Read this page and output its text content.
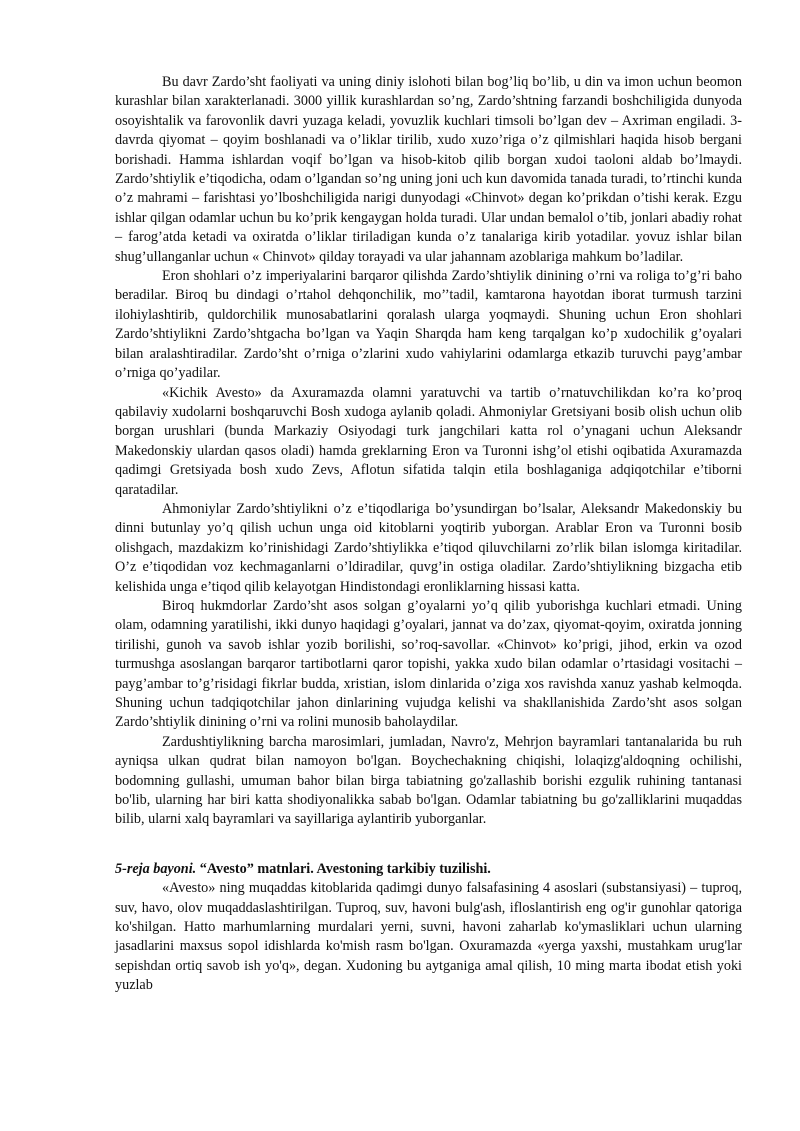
Bu davr Zardo’sht faoliyati va uning diniy islohoti bilan bog’liq bo’lib, u din va imon uchun beomon kurashlar bilan xarakterlanadi. 3000 yillik kurashlardan so’ng, Zardo’shtning farzandi boshchiligida dunyoda osoyishtalik va farovonlik davri yuzaga keladi, yovuzlik kuchlari timsoli bo’lgan dev – Axriman engiladi. 3- davrda qiyomat – qoyim boshlanadi va o’liklar tirilib, xudo xuzo’riga o’z qilmishlari haqida hisob bergani borishadi. Hamma ishlardan voqif bo’lgan va hisob-kitob qilib borgan xudoi taoloni aldab bo’lmaydi. Zardo’shtiylik e’tiqodicha, odam o’lgandan so’ng uning joni uch kun davomida tanada turadi, to’rtinchi kunda o’z mahrami – farishtasi yo’lboshchiligida narigi dunyodagi «Chinvot» degan ko’prikdan o’tishi kerak. Ezgu ishlar qilgan odamlar uchun bu ko’prik kengaygan holda turadi. Ular undan bemalol o’tib, jonlari abadiy rohat – farog’atda ketadi va oxiratda o’liklar tiriladigan kunda o’z tanalariga kirib yotadilar. yovuz ishlar bilan shug’ullanganlar uchun « Chinvot» qilday torayadi va ular jahannam azoblariga mahkum bo’ladilar.

Eron shohlari o’z imperiyalarini barqaror qilishda Zardo’shtiylik dinining o’rni va roliga to’g’ri baho beradilar. Biroq bu dindagi o’rtahol dehqonchilik, mo’’tadil, kamtarona hayotdan iborat turmush tarzini ilohiylashtirib, quldorchilik munosabatlarini qoralash ularga yoqmaydi. Shuning uchun Eron shohlari Zardo’shtiylikni Zardo’shtgacha bo’lgan va Yaqin Sharqda ham keng tarqalgan ko’p xudochilik g’oyalari bilan aralashtiradilar. Zardo’sht o’rniga o’zlarini xudo vahiylarini odamlarga etkazib turuvchi payg’ambar o’rniga qo’yadilar.

«Kichik Avesto» da Axuramazda olamni yaratuvchi va tartib o’rnatuvchilikdan ko’ra ko’proq qabilaviy xudolarni boshqaruvchi Bosh xudoga aylanib qoladi. Ahmoniylar Gretsiyani bosib olish uchun olib borgan urushlari (bunda Markaziy Osiyodagi turk jangchilari katta rol o’ynagani uchun Aleksandr Makedonskiy ulardan qasos oladi) hamda greklarning Eron va Turonni ishg’ol etishi oqibatida Axuramazda qadimgi Gretsiyada bosh xudo Zevs, Aflotun sifatida talqin etila boshlaganiga adqiqotchilar e’tiborni qaratadilar.

Ahmoniylar Zardo’shtiylikni o’z e’tiqodlariga bo’ysundirgan bo’lsalar, Aleksandr Makedonskiy bu dinni butunlay yo’q qilish uchun unga oid kitoblarni yoqtirib yuborgan. Arablar Eron va Turonni bosib olishgach, mazdakizm ko’rinishidagi Zardo’shtiylikka e’tiqod qiluvchilarni zo’rlik bilan islomga kiritadilar. O’z e’tiqodidan voz kechmaganlarni o’ldiradilar, quvg’in ostiga oladilar. Zardo’shtiylikning bizgacha etib kelishida unga e’tiqod qilib kelayotgan Hindistondagi eronliklarning hissasi katta.

Biroq hukmdorlar Zardo’sht asos solgan g’oyalarni yo’q qilib yuborishga kuchlari etmadi. Uning olam, odamning yaratilishi, ikki dunyo haqidagi g’oyalari, jannat va do’zax, qiyomat-qoyim, oxiratda jonning tirilishi, gunoh va savob ishlar yozib borilishi, so’roq-savollar. «Chinvot» ko’prigi, jihod, erkin va ozod turmushga asoslangan barqaror tartibotlarni qaror topishi, yakka xudo bilan odamlar o’rtasidagi vositachi – payg’ambar to’g’risidagi fikrlar budda, xristian, islom dinlarida o’ziga xos ravishda xanuz yashab kelmoqda. Shuning uchun tadqiqotchilar jahon dinlarining vujudga kelishi va shakllanishida Zardo’sht asos solgan Zardo’shtiylik dinining o’rni va rolini munosib baholaydilar.

Zardushtiylikning barcha marosimlari, jumladan, Navro'z, Mehrjon bayramlari tantanalarida bu ruh ayniqsa ulkan qudrat bilan namoyon bo'lgan. Boychechakning chiqishi, lolaqizg'aldoqning ochilishi, bodomning gullashi, umuman bahor bilan birga tabiatning go'zallashib borishi ezgulik ruhining tantanasi bo'lib, ularning har biri katta shodiyonalikka sabab bo'lgan. Odamlar tabiatning bu go'zalliklarini muqaddas bilib, ularni xalq bayramlari va sayillariga aylantirib yuborganlar.

5-reja bayoni. “Avesto” matnlari. Avestoning tarkibiy tuzilishi.

«Avesto» ning muqaddas kitoblarida qadimgi dunyo falsafasining 4 asoslari (substansiyasi) – tuproq, suv, havo, olov muqaddaslashtirilgan. Tuproq, suv, havoni bulg'ash, ifloslantirish eng og'ir gunohlar qatoriga ko'shilgan. Hatto marhumlarning murdalari yerni, suvni, havoni zaharlab ko'ymasliklari uchun ularning jasadlarini maxsus sopol idishlarda ko'mish rasm bo'lgan. Oxuramazda «yerga yaxshi, mustahkam urug'lar sepishdan ortiq savob ish yo'q», degan. Xudoning bu aytganiga amal qilish, 10 ming marta ibodat etish yoki yuzlab
